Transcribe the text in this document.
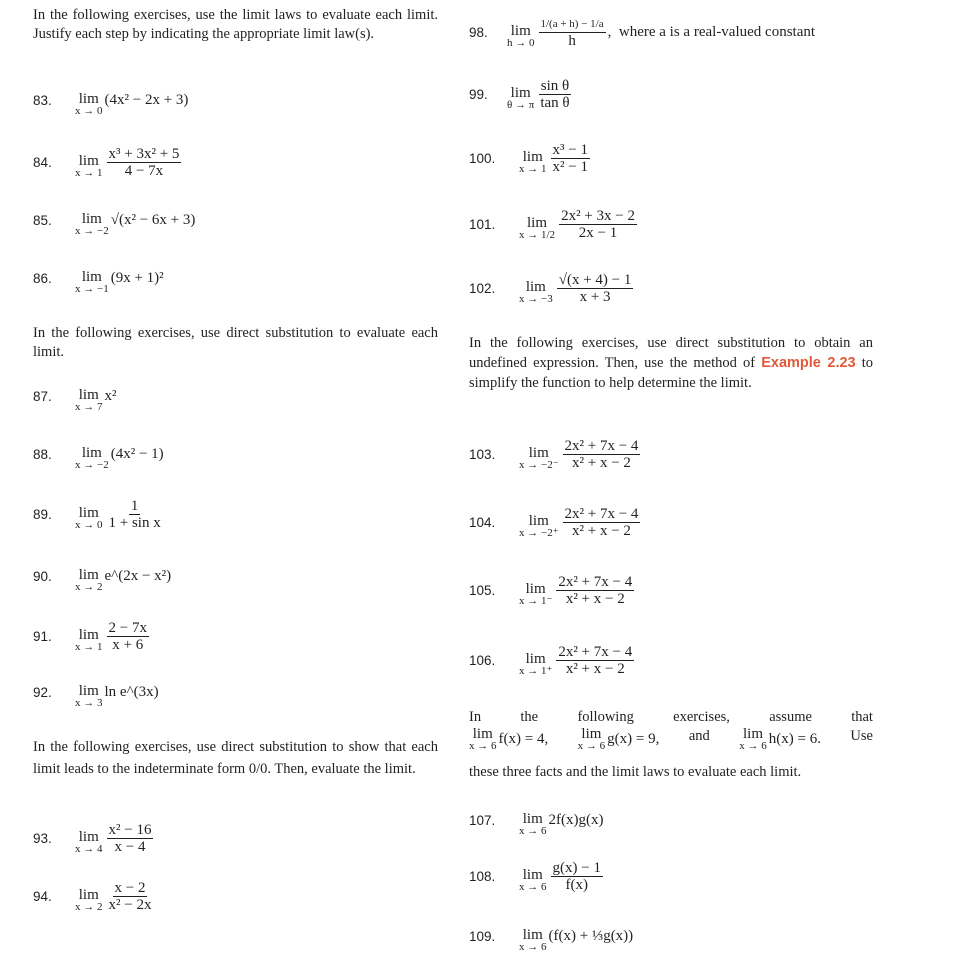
In the following exercises, use the limit laws to evaluate each limit. Justify each step by indicating the appropriate limit law(s).
83.	lim
x → 0
(4x² − 2x + 3)
84.	lim
$x \to 1 \frac{\text{x³ + 3x² + 5}}{4 - 7x}$
85.	lim
x → −2
√(x² − 6x + 3)
86.	lim
x → −1
(9x + 1)²
In the following exercises, use direct substitution to evaluate each limit.
87.	lim
x → 7
x²
88.	lim
x → −2
(4x² − 1)
89.	lim
$x \to 0 \frac{1}{\text{1 + sin x}}$
90.	lim
x → 2
e^(2x − x²)
91.	lim
$x \to 1 \frac{2 - 7x}{x + 6}$
92.	lim
x → 3
ln e^(3x)
In the following exercises, use direct substitution to show that each limit leads to the indeterminate form 0/0. Then, evaluate the limit.
93.	lim
$x \to 4 \frac{\text{x² − 16}}{x - 4}$
94.	lim
$x \to 2 \frac{x - 2}{\text{x² − 2x}}$
98.	lim
$h \to 0 \frac{1/(a + h) - 1/a}{h}$ , where a is a real-valued constant
99.	lim
θ → π $\frac{\text{sin θ}}{\text{tan θ}}$
100.	lim
$x \to 1 \frac{\text{x³ − 1}}{\text{x² − 1}}$
101.	lim
$x \to 1/2 \frac{\text{2x² + 3x − 2}}{2x - 1}$
102.	lim
$x \to -3 \frac{√(x + 4) - 1}{x + 3}$
In the following exercises, use direct substitution to obtain an undefined expression. Then, use the method of Example 2.23 to simplify the function to help determine the limit.
103.	lim
$x \to -2^- \frac{\text{2x² + 7x − 4}}{\text{x² + x − 2}}$
104.	lim
$x \to -2^+ \frac{\text{2x² + 7x − 4}}{\text{x² + x − 2}}$
105.	lim
$x \to 1^- \frac{\text{2x² + 7x − 4}}{\text{x² + x − 2}}$
106.	lim
$x \to 1^+ \frac{\text{2x² + 7x − 4}}{\text{x² + x − 2}}$
In	the	following	exercises,	assume	that
lim
x → 6 f(x) = 4, lim
x → 6 g(x) = 9, and lim
x → 6 h(x) = 6. Use
these three facts and the limit laws to evaluate each limit.
107.	lim
x → 6
2f(x)g(x)
108.	lim
$x \to 6 \frac{g(x) - 1}{f(x)}$
109.	lim
x → 6
(f(x) + ⅓g(x))
